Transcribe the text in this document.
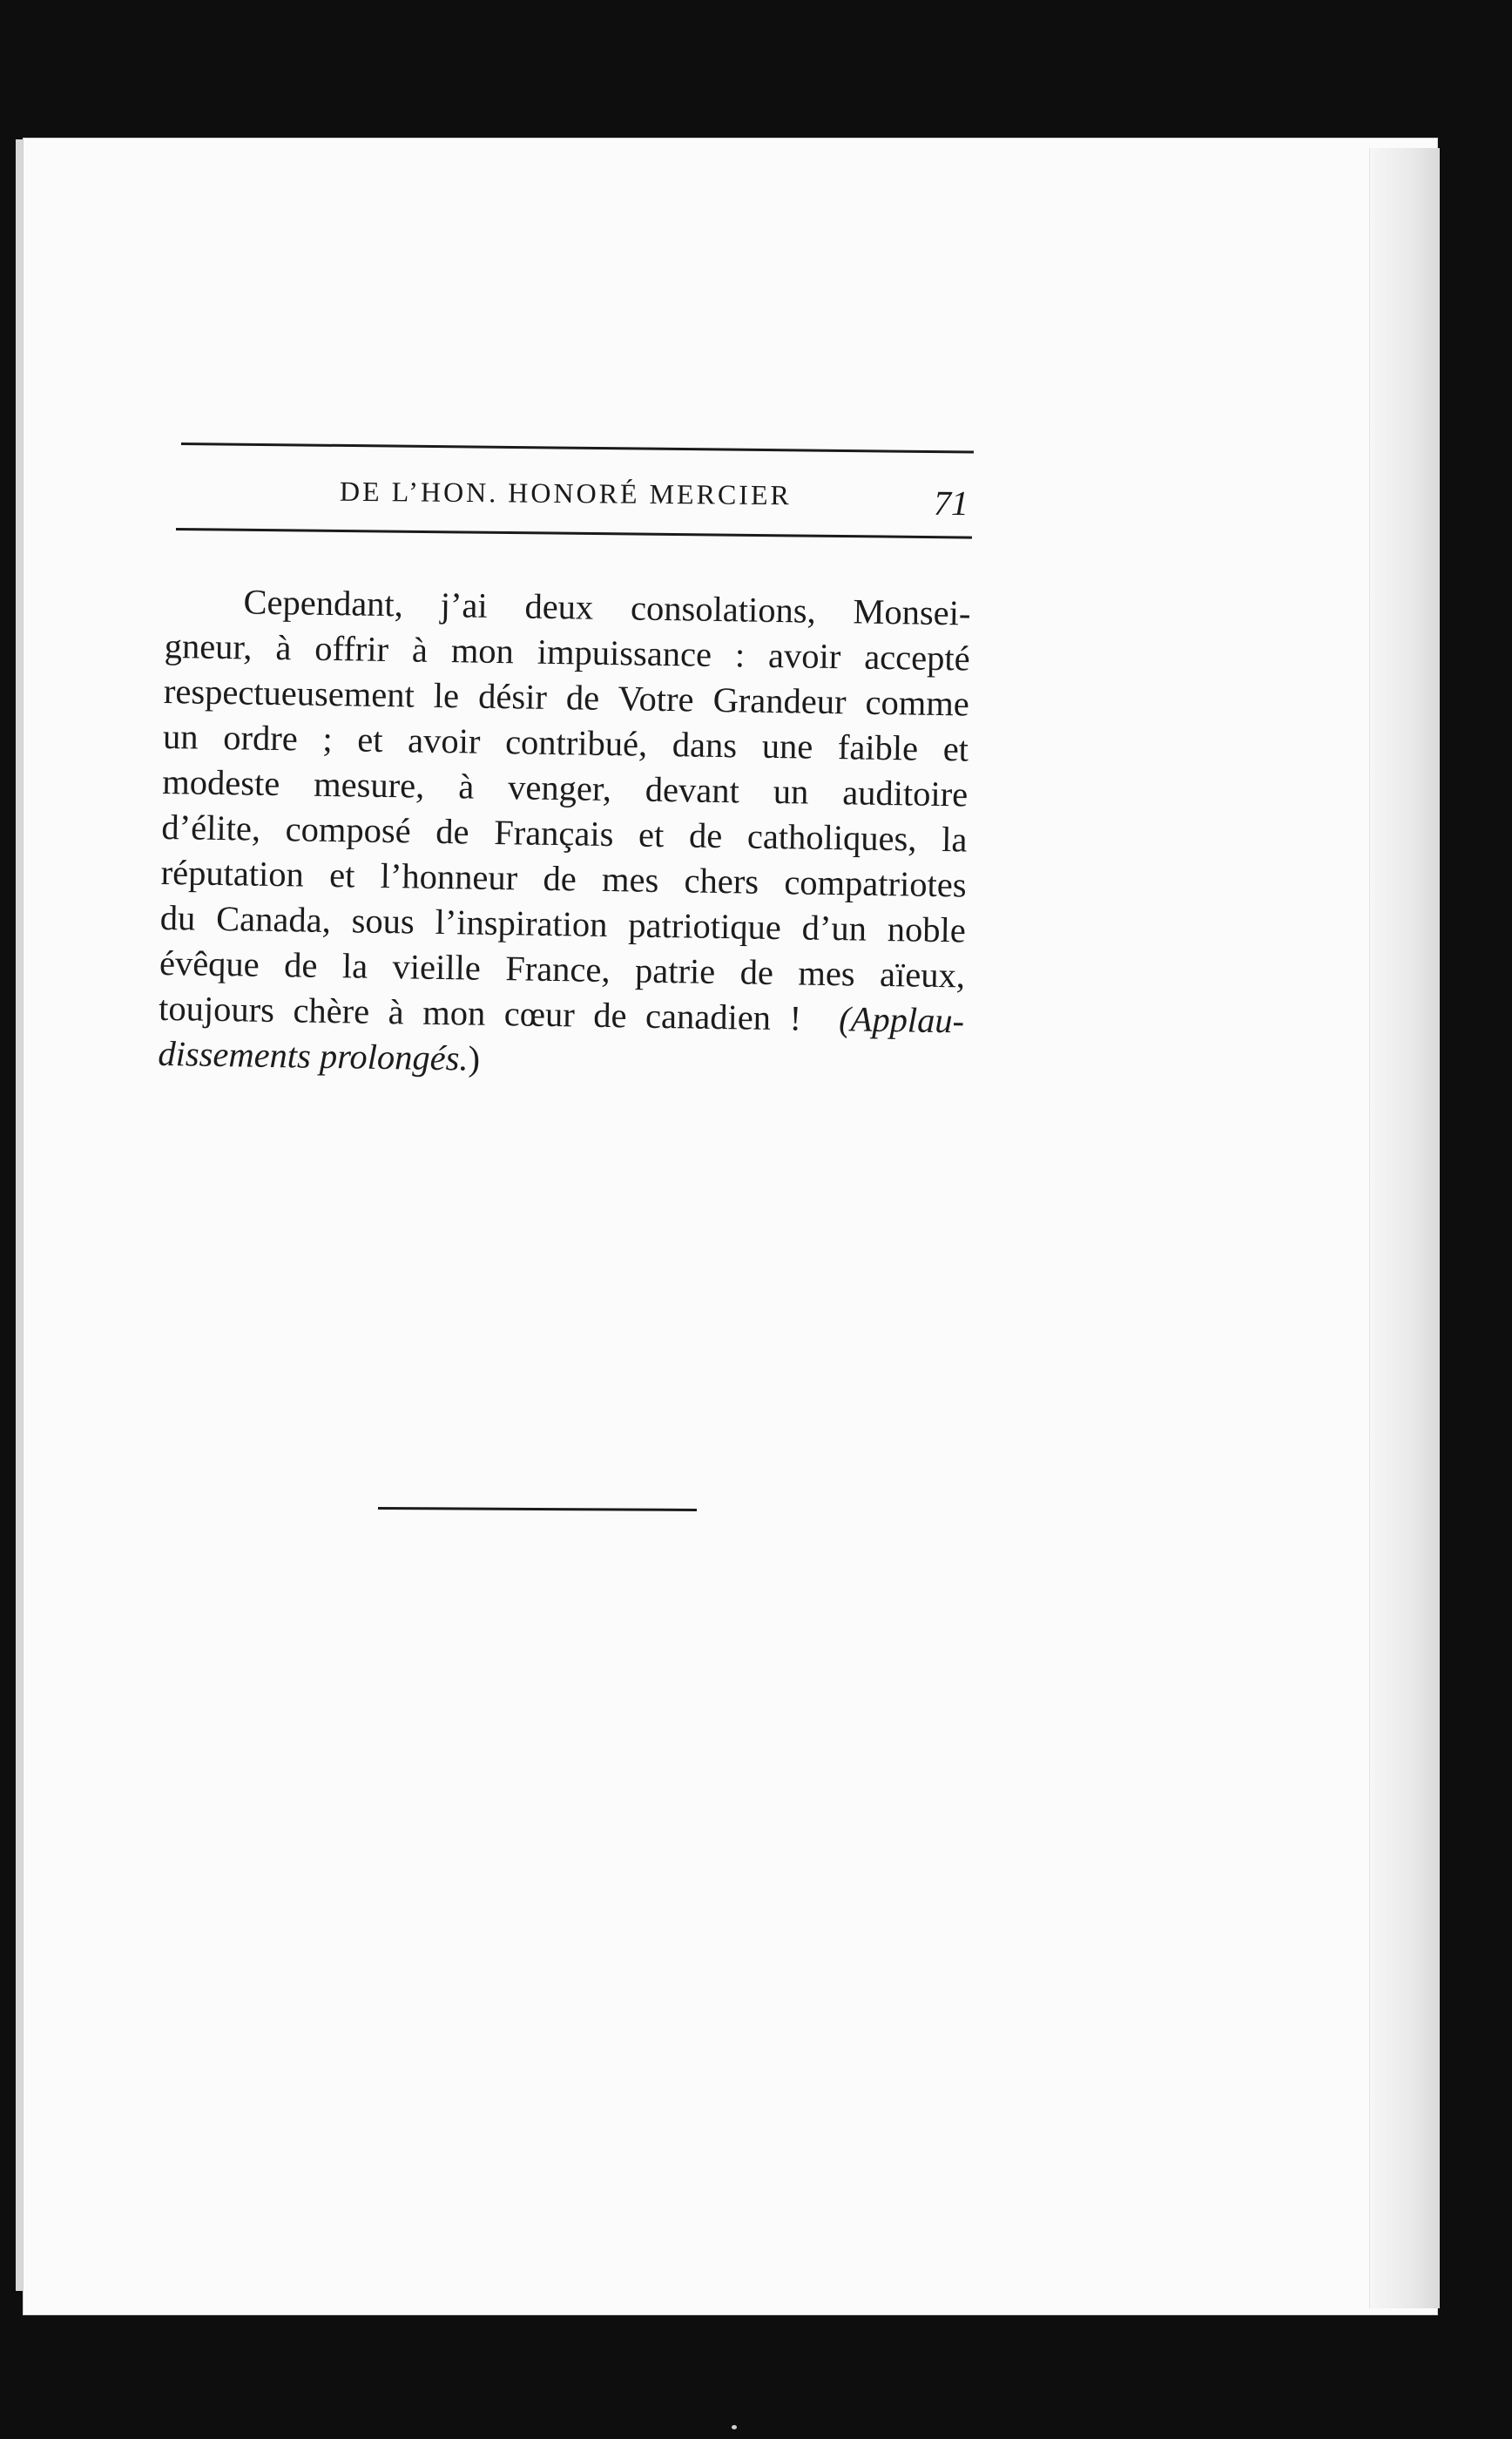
DE L’HON. HONORÉ MERCIER	71
Cependant, j’ai deux consolations, Monsei-
gneur, à offrir à mon impuissance : avoir accepté
respectueusement le désir de Votre Grandeur comme
un ordre ; et avoir contribué, dans une faible et
modeste mesure, à venger, devant un auditoire
d’élite, composé de Français et de catholiques, la
réputation et l’honneur de mes chers compatriotes
du Canada, sous l’inspiration patriotique d’un noble
évêque de la vieille France, patrie de mes aïeux,
toujours chère à mon cœur de canadien ! (Applau-
dissements prolongés.)
